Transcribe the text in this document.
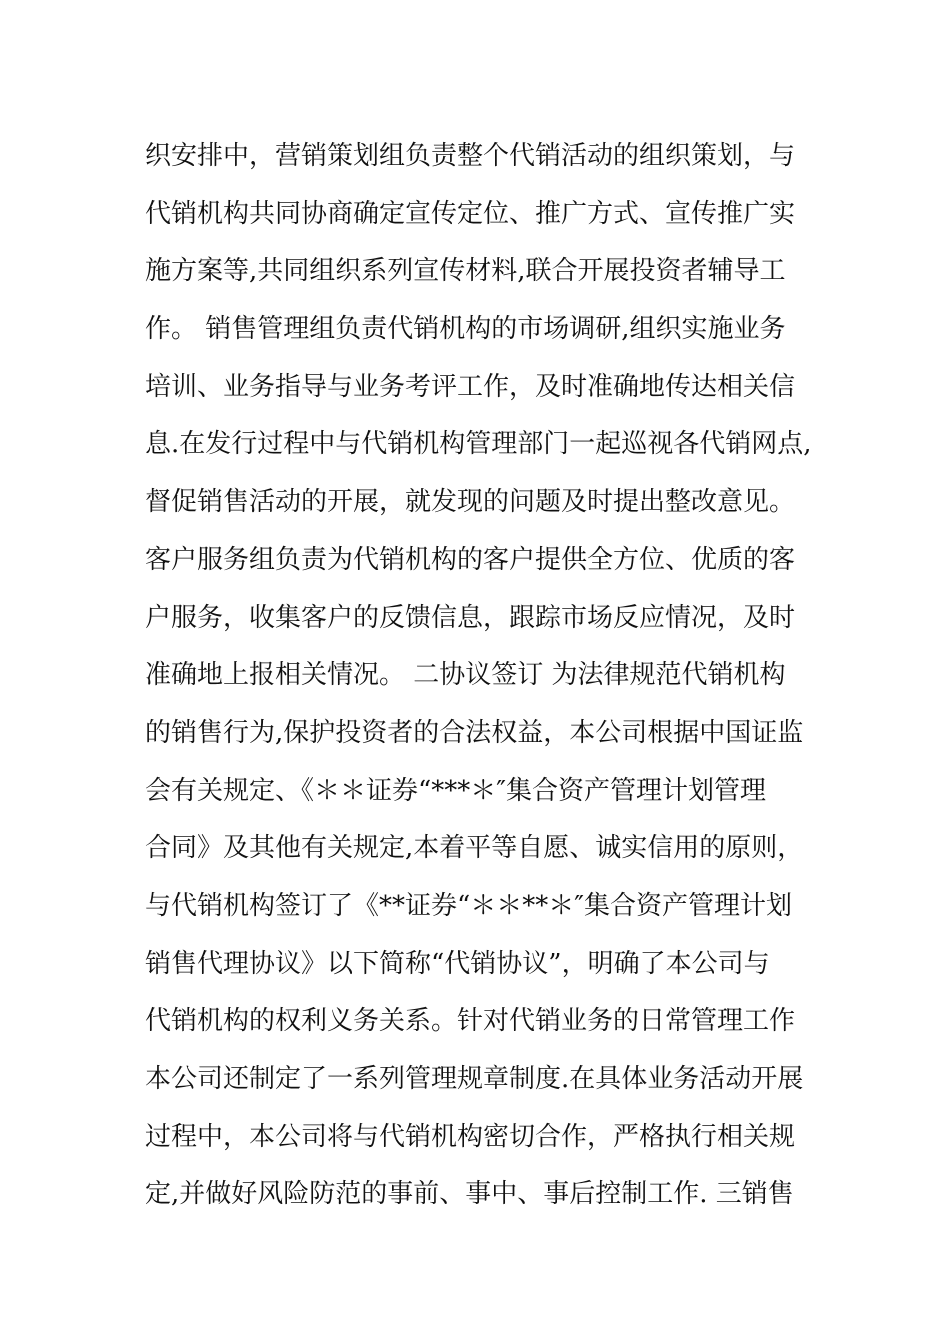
织安排中，营销策划组负责整个代销活动的组织策划，与
代销机构共同协商确定宣传定位、推广方式、宣传推广实
施方案等,共同组织系列宣传材料,联合开展投资者辅导工
作。 销售管理组负责代销机构的市场调研,组织实施业务
培训、业务指导与业务考评工作，及时准确地传达相关信
息.在发行过程中与代销机构管理部门一起巡视各代销网点,
督促销售活动的开展，就发现的问题及时提出整改意见。
客户服务组负责为代销机构的客户提供全方位、优质的客
户服务，收集客户的反馈信息，跟踪市场反应情况，及时
准确地上报相关情况。 二协议签订 为法律规范代销机构
的销售行为,保护投资者的合法权益，本公司根据中国证监
会有关规定、《＊＊证券“***＊″集合资产管理计划管理
合同》及其他有关规定,本着平等自愿、诚实信用的原则，
与代销机构签订了《**证券“＊＊**＊″集合资产管理计划
销售代理协议》以下简称“代销协议”，明确了本公司与
代销机构的权利义务关系。针对代销业务的日常管理工作
本公司还制定了一系列管理规章制度.在具体业务活动开展
过程中，本公司将与代销机构密切合作，严格执行相关规
定,并做好风险防范的事前、事中、事后控制工作. 三销售
